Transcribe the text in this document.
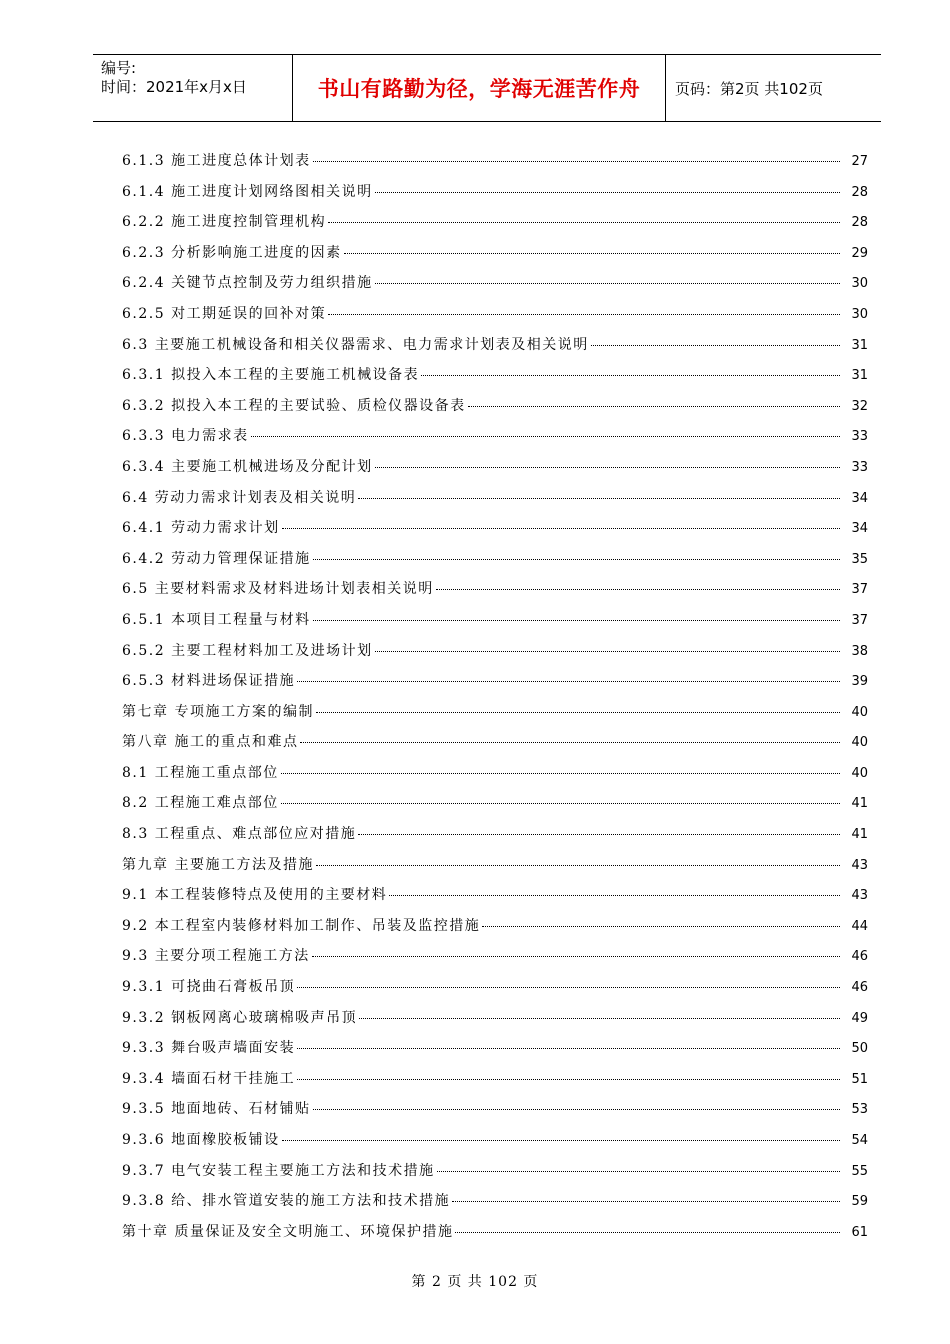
编号:
时间：2021年x月x日	书山有路勤为径，学海无涯苦作舟	页码：第2页 共102页
6.1.3 施工进度总体计划表	27
6.1.4 施工进度计划网络图相关说明	28
6.2.2 施工进度控制管理机构	28
6.2.3 分析影响施工进度的因素	29
6.2.4 关键节点控制及劳力组织措施	30
6.2.5 对工期延误的回补对策	30
6.3 主要施工机械设备和相关仪器需求、电力需求计划表及相关说明	31
6.3.1 拟投入本工程的主要施工机械设备表	31
6.3.2 拟投入本工程的主要试验、质检仪器设备表	32
6.3.3 电力需求表	33
6.3.4 主要施工机械进场及分配计划	33
6.4 劳动力需求计划表及相关说明	34
6.4.1 劳动力需求计划	34
6.4.2 劳动力管理保证措施	35
6.5 主要材料需求及材料进场计划表相关说明	37
6.5.1 本项目工程量与材料	37
6.5.2 主要工程材料加工及进场计划	38
6.5.3 材料进场保证措施	39
第七章 专项施工方案的编制	40
第八章 施工的重点和难点	40
8.1 工程施工重点部位	40
8.2 工程施工难点部位	41
8.3 工程重点、难点部位应对措施	41
第九章 主要施工方法及措施	43
9.1 本工程装修特点及使用的主要材料	43
9.2 本工程室内装修材料加工制作、吊装及监控措施	44
9.3 主要分项工程施工方法	46
9.3.1 可挠曲石膏板吊顶	46
9.3.2 钢板网离心玻璃棉吸声吊顶	49
9.3.3 舞台吸声墙面安装	50
9.3.4 墙面石材干挂施工	51
9.3.5 地面地砖、石材铺贴	53
9.3.6 地面橡胶板铺设	54
9.3.7 电气安装工程主要施工方法和技术措施	55
9.3.8 给、排水管道安装的施工方法和技术措施	59
第十章 质量保证及安全文明施工、环境保护措施	61
第 2 页 共 102 页
